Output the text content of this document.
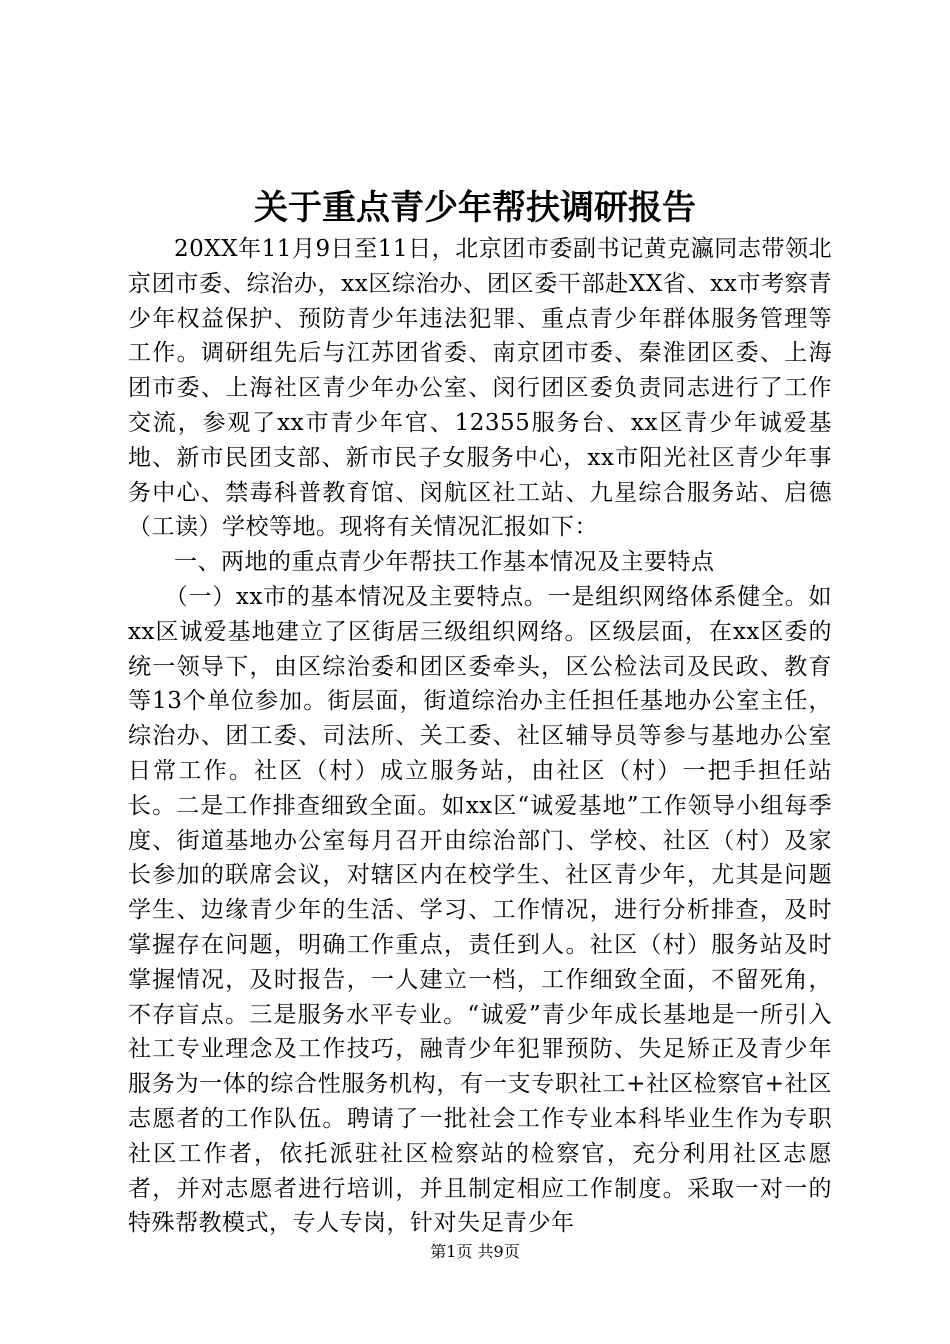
关于重点青少年帮扶调研报告

20XX年11月9日至11日，北京团市委副书记黄克瀛同志带领北京团市委、综治办，xx区综治办、团区委干部赴XX省、xx市考察青少年权益保护、预防青少年违法犯罪、重点青少年群体服务管理等工作。调研组先后与江苏团省委、南京团市委、秦淮团区委、上海团市委、上海社区青少年办公室、闵行团区委负责同志进行了工作交流，参观了xx市青少年官、12355服务台、xx区青少年诚爱基地、新市民团支部、新市民子女服务中心，xx市阳光社区青少年事务中心、禁毒科普教育馆、闵航区社工站、九星综合服务站、启德（工读）学校等地。现将有关情况汇报如下：

一、两地的重点青少年帮扶工作基本情况及主要特点

（一）xx市的基本情况及主要特点。一是组织网络体系健全。如xx区诚爱基地建立了区街居三级组织网络。区级层面，在xx区委的统一领导下，由区综治委和团区委牵头，区公检法司及民政、教育等13个单位参加。街层面，街道综治办主任担任基地办公室主任，综治办、团工委、司法所、关工委、社区辅导员等参与基地办公室日常工作。社区（村）成立服务站，由社区（村）一把手担任站长。二是工作排查细致全面。如xx区“诚爱基地”工作领导小组每季度、街道基地办公室每月召开由综治部门、学校、社区（村）及家长参加的联席会议，对辖区内在校学生、社区青少年，尤其是问题学生、边缘青少年的生活、学习、工作情况，进行分析排查，及时掌握存在问题，明确工作重点，责任到人。社区（村）服务站及时掌握情况，及时报告，一人建立一档，工作细致全面，不留死角，不存盲点。三是服务水平专业。“诚爱”青少年成长基地是一所引入社工专业理念及工作技巧，融青少年犯罪预防、失足矫正及青少年服务为一体的综合性服务机构，有一支专职社工+社区检察官+社区志愿者的工作队伍。聘请了一批社会工作专业本科毕业生作为专职社区工作者，依托派驻社区检察站的检察官，充分利用社区志愿者，并对志愿者进行培训，并且制定相应工作制度。采取一对一的特殊帮教模式，专人专岗，针对失足青少年

第1页 共9页
